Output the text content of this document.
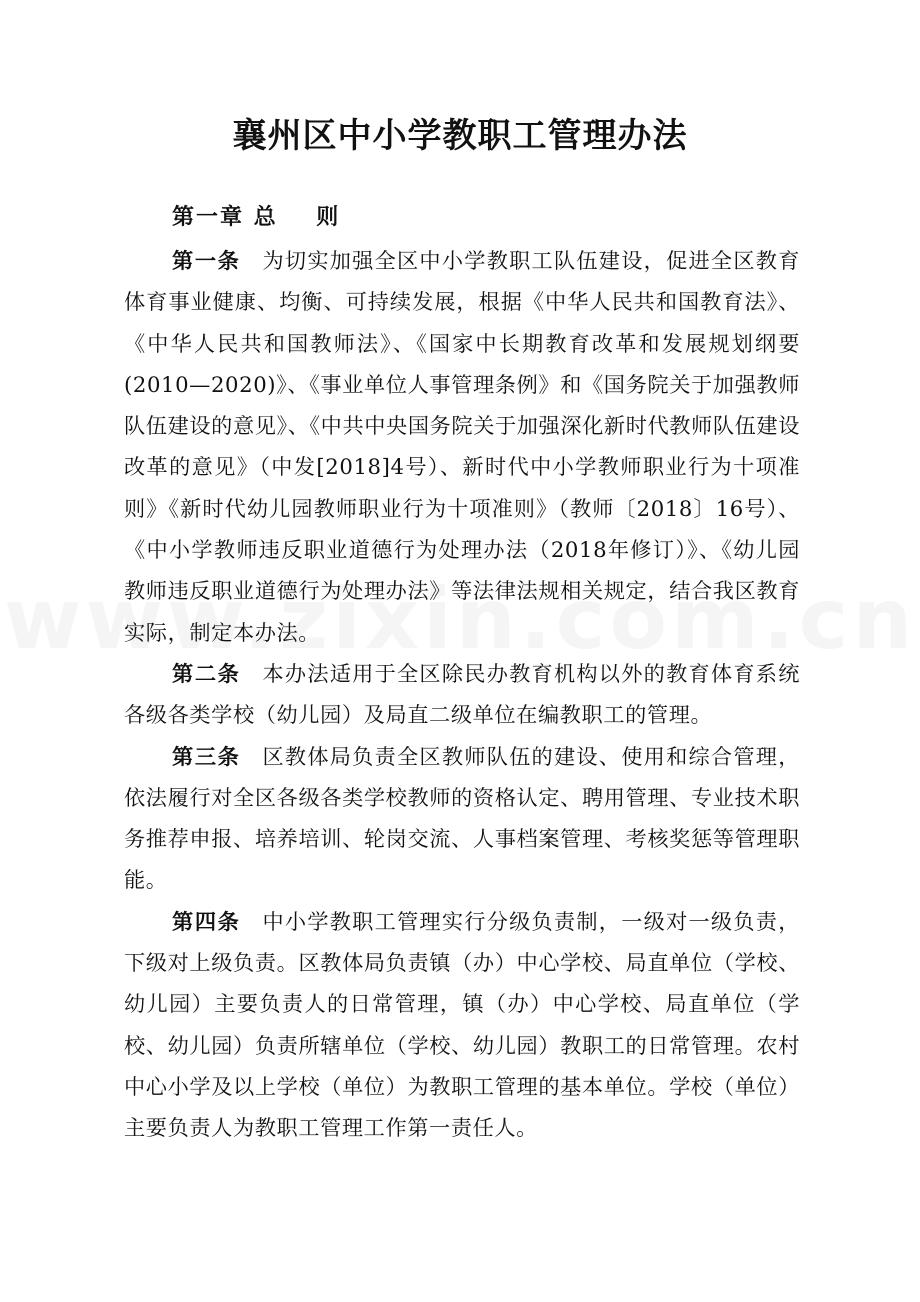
襄州区中小学教职工管理办法
第一章 总    则

第一条 为切实加强全区中小学教职工队伍建设，促进全区教育体育事业健康、均衡、可持续发展，根据《中华人民共和国教育法》、《中华人民共和国教师法》、《国家中长期教育改革和发展规划纲要(2010—2020)》、《事业单位人事管理条例》和《国务院关于加强教师队伍建设的意见》、《中共中央国务院关于加强深化新时代教师队伍建设改革的意见》（中发[2018]4号）、新时代中小学教师职业行为十项准则》《新时代幼儿园教师职业行为十项准则》（教师〔2018〕16号）、《中小学教师违反职业道德行为处理办法（2018年修订）》、《幼儿园教师违反职业道德行为处理办法》等法律法规相关规定，结合我区教育实际，制定本办法。

第二条 本办法适用于全区除民办教育机构以外的教育体育系统各级各类学校（幼儿园）及局直二级单位在编教职工的管理。

第三条 区教体局负责全区教师队伍的建设、使用和综合管理，依法履行对全区各级各类学校教师的资格认定、聘用管理、专业技术职务推荐申报、培养培训、轮岗交流、人事档案管理、考核奖惩等管理职能。

第四条 中小学教职工管理实行分级负责制，一级对一级负责，下级对上级负责。区教体局负责镇（办）中心学校、局直单位（学校、幼儿园）主要负责人的日常管理，镇（办）中心学校、局直单位（学校、幼儿园）负责所辖单位（学校、幼儿园）教职工的日常管理。农村中心小学及以上学校（单位）为教职工管理的基本单位。学校（单位）主要负责人为教职工管理工作第一责任人。
